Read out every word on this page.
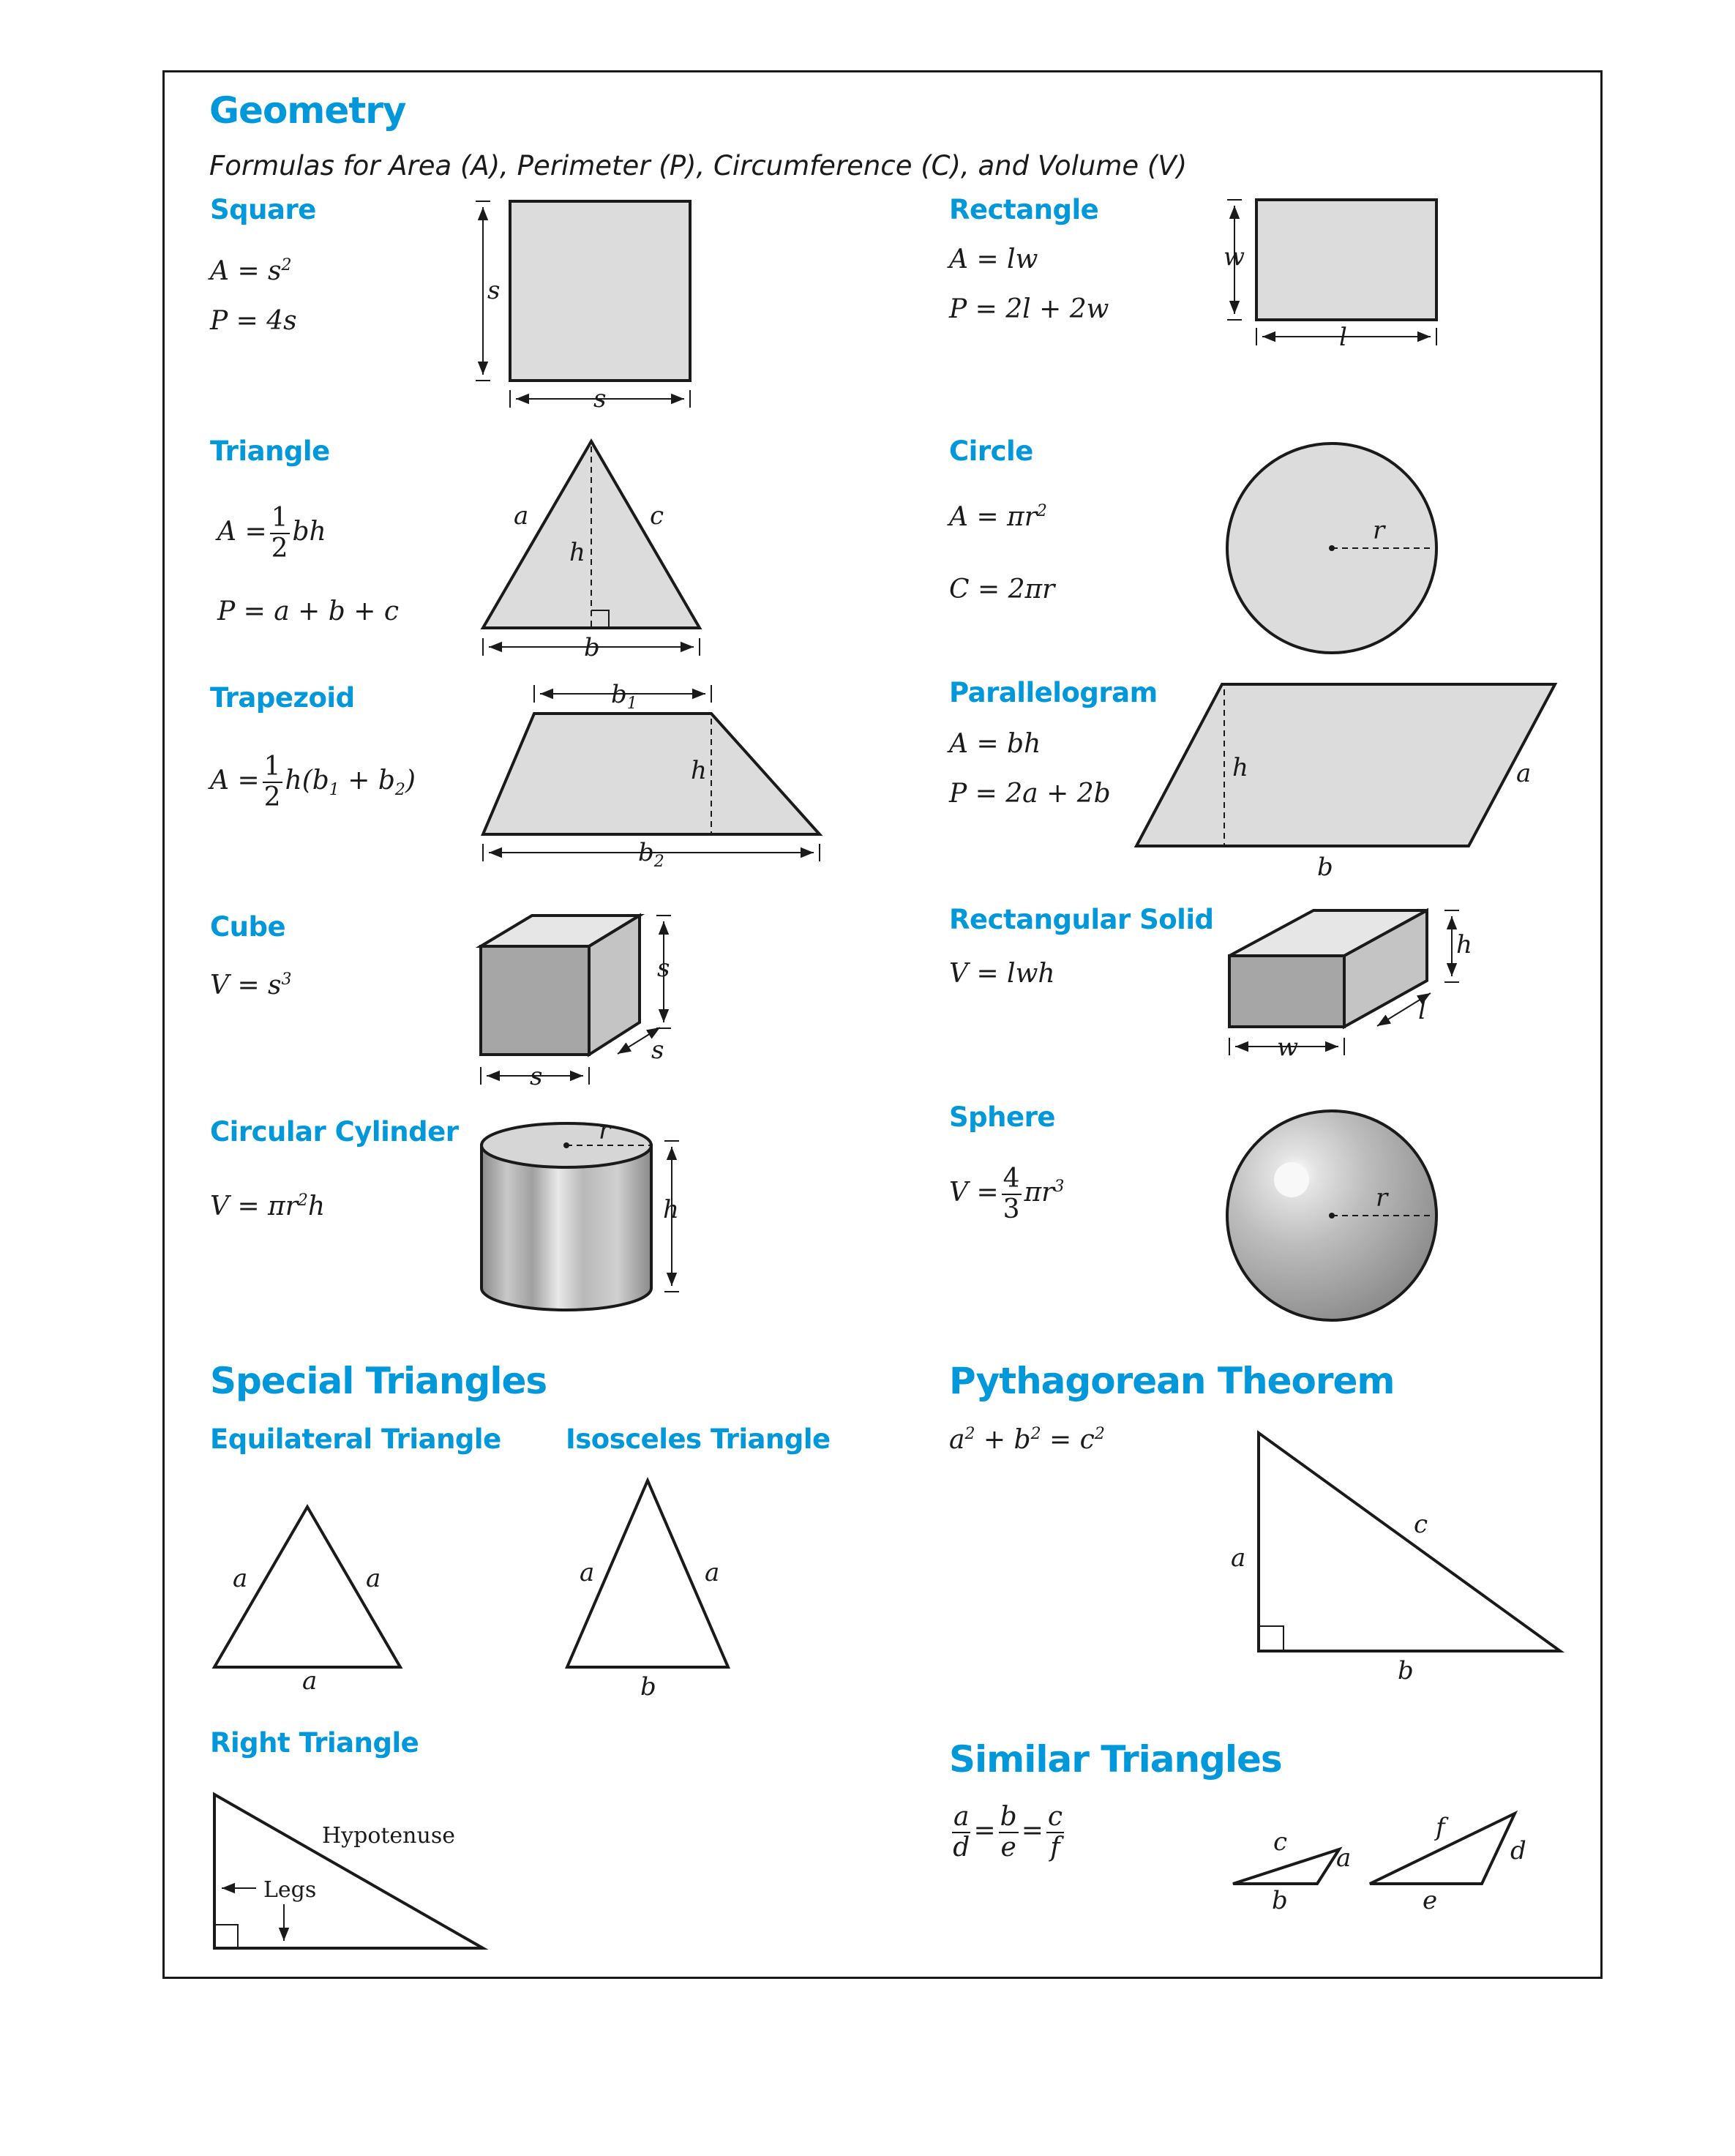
Geometry
Formulas for Area (A), Perimeter (P), Circumference (C), and Volume (V)
Square
$A = s^2$
P = 4s
Rectangle
A = lw
P = 2l + 2w
Triangle
$A = \frac{1}{2}$ bh
P = a + b + c
Circle
$A = \pi r^2$
C = 2πr
Trapezoid
$A = \frac{1}{2} h(b_1 + b_2)$
Parallelogram
A = bh
P = 2a + 2b
Cube
$V = s^3$
Rectangular Solid
V = lwh
Circular Cylinder
$V = \pi r^2h$
Sphere
$V = \frac{4}{3} \pi r^3$
Special Triangles
Equilateral Triangle Isosceles Triangle
Right Triangle
Pythagorean Theorem
$a^2 + b^2 = c^2$
Similar Triangles
$\frac{a}{d} = \frac{b}{e} = \frac{c}{f}$
s
s
w
l
a	c
h
b
r
$b_1$
h
$b_2$
h	a
b
s
s
s
h
l
w
r
h	r
a	a
a
a	a
b
Hypotenuse
Legs
a
c
b
c
a
b
f
d
e
